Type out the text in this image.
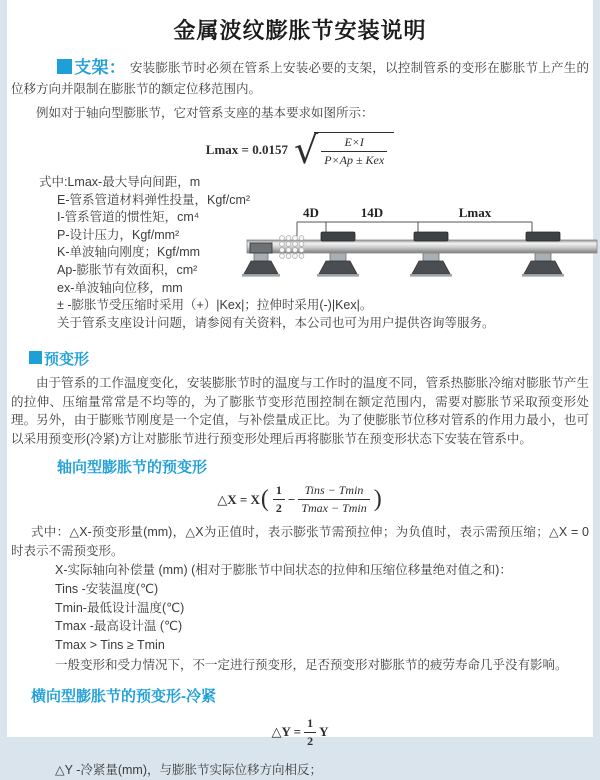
金属波纹膨胀节安装说明

支架： 安装膨胀节时必须在管系上安装必要的支架，以控制管系的变形在膨胀节上产生的位移方向并限制在膨胀节的额定位移范围内。

例如对于轴向型膨胀节，它对管系支座的基本要求如图所示：

Lmax = 0.0157 √ $\frac{E\times I}{\text{P×Ap ± Kex}}$
式中:Lmax-最大导向间距，m
E-管系管道材料弹性投量，Kgf/cm²
I-管系管道的惯性矩，cm⁴
P-设计压力，Kgf/mm²
K-单波轴向刚度；Kgf/mm
Ap-膨胀节有效面积，cm²
ex-单波轴向位移，mm
± -膨胀节受压缩时采用（+）|Kex|；拉伸时采用(-)|Kex|。
关于管系支座设计问题，请参阅有关资料，本公司也可为用户提供咨询等服务。
4D	14D	Lmax
预变形

由于管系的工作温度变化，安装膨胀节时的温度与工作时的温度不同，管系热膨胀冷缩对膨胀节产生的拉伸、压缩量常常是不均等的，为了膨胀节变形范围控制在额定范围内，需要对膨胀节采取预变形处理。另外，由于膨账节刚度是一个定值，与补偿量成正比。为了使膨胀节位移对管系的作用力最小，也可以采用预变形(冷紧)方让对膨胀节进行预变形处理后再将膨胀节在预变形状态下安装在管系中。

轴向型膨胀节的预变形
△X = X ( $\frac{1}{2} - \frac{\text{Tins − Tmin}}{Tmax - Tmin}$ )

式中：△X-预变形量(mm)，△X为正值时，表示膨张节需预拉伸；为负值时，表示需预压缩；△X = 0时表示不需预变形。

X-实际轴向补偿量 (mm) (相对于膨胀节中间状态的拉伸和压缩位移量绝对值之和)：
Tins -安装温度(℃)
Tmin-最低设计温度(℃)
Tmax -最高设计温 (℃)
Tmax > Tins ≥ Tmin
一般变形和受力情况下，不一定进行预变形，足否预变形对膨胀节的疲劳寿命几乎没有影响。
横向型膨胀节的预变形-冷紧
△Y = $\frac{1}{2}$ Y
△Y -冷紧量(mm)，与膨胀节实际位移方向相反；
